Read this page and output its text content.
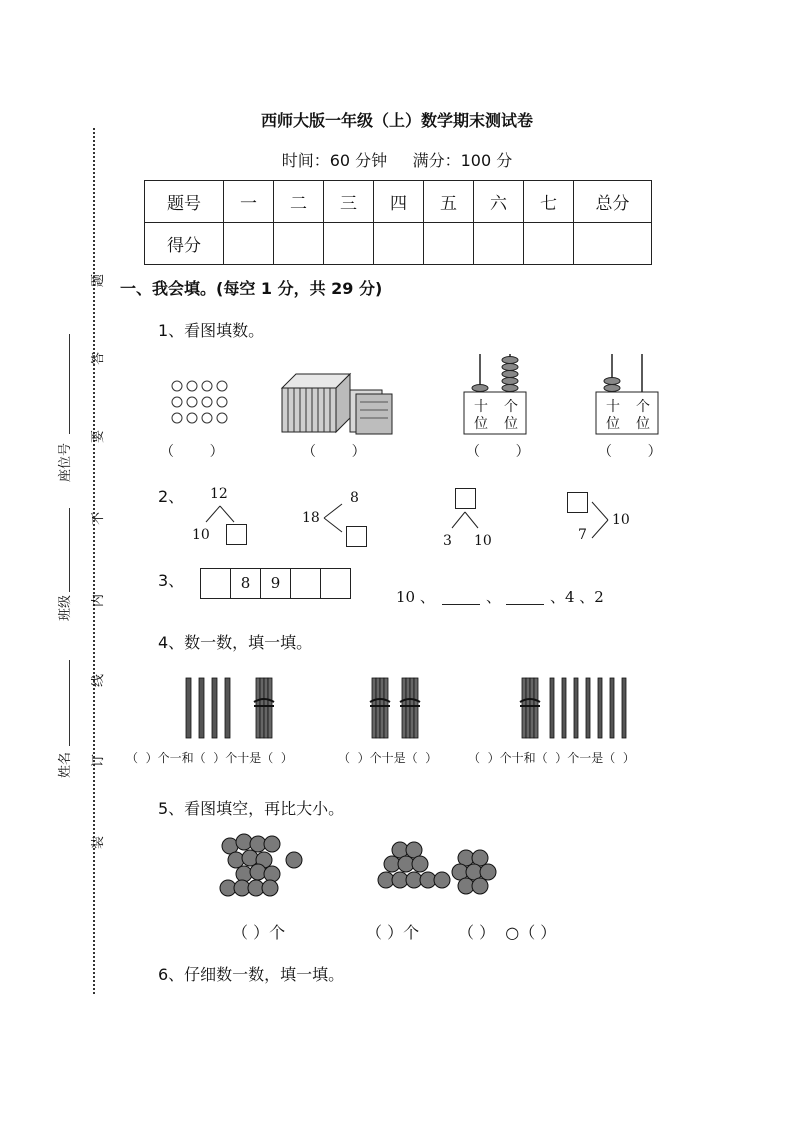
题
答
要
不
内
线
订
装
座位号
班级
姓名
西师大版一年级（上）数学期末测试卷
时间：60 分钟     满分：100 分
题号	一	二	三	四	五	六	七	总分
得分								
一、我会填。(每空 1 分，共 29 分)
1、看图填数。
十
位
个
位
十
位
个
位
（        ）	（        ）	（        ）	（        ）
2、 12
10
18
8
3 10	7
10
3、	8	9
10 、	、	、4 、2
4、数一数，填一填。
（  ）个一和（  ）个十是（  ）	（  ）个十是（  ）	（  ）个十和（  ）个一是（  ）
5、看图填空，再比大小。
（ ）个	（ ）个 （ ）  ○（ ）
6、仔细数一数，填一填。
